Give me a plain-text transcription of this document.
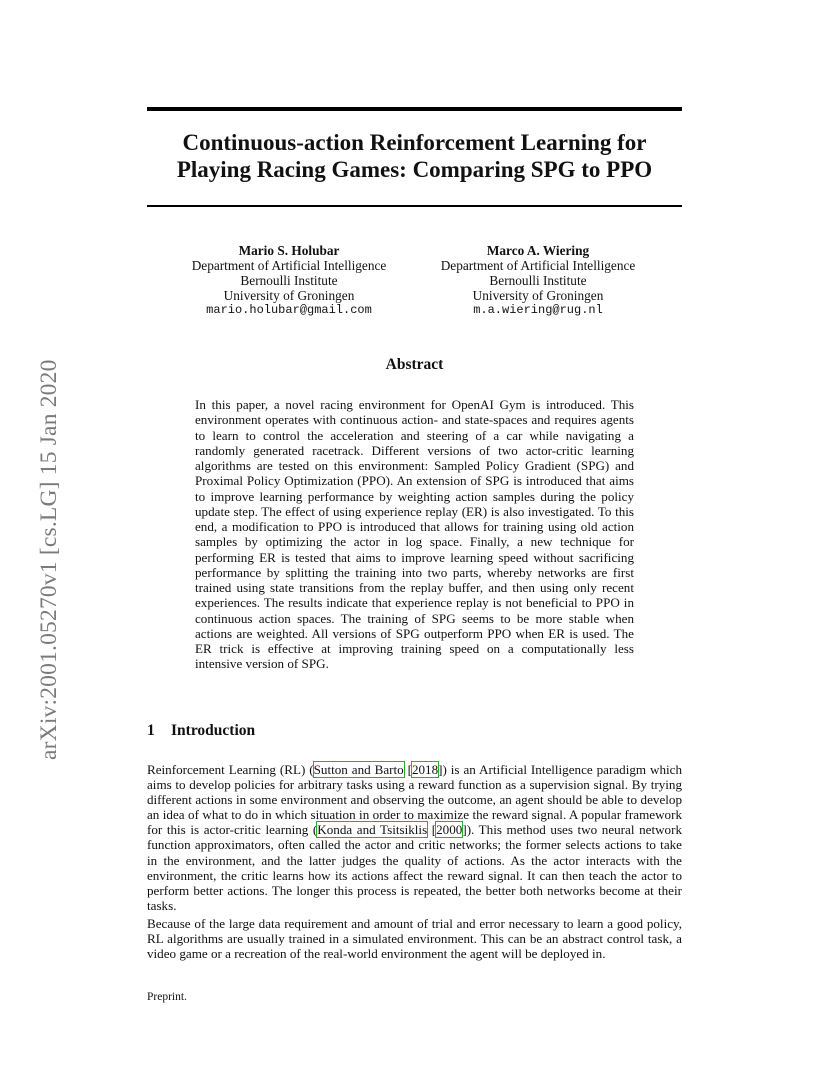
arXiv:2001.05270v1 [cs.LG] 15 Jan 2020
Continuous-action Reinforcement Learning for
Playing Racing Games: Comparing SPG to PPO
Mario S. Holubar
Department of Artificial Intelligence
Bernoulli Institute
University of Groningen
mario.holubar@gmail.com
Marco A. Wiering
Department of Artificial Intelligence
Bernoulli Institute
University of Groningen
m.a.wiering@rug.nl
Abstract
In this paper, a novel racing environment for OpenAI Gym is introduced. This environment operates with continuous action- and state-spaces and requires agents to learn to control the acceleration and steering of a car while navigating a randomly generated racetrack. Different versions of two actor-critic learning algorithms are tested on this environment: Sampled Policy Gradient (SPG) and Proximal Policy Optimization (PPO). An extension of SPG is introduced that aims to improve learning performance by weighting action samples during the policy update step. The effect of using experience replay (ER) is also investigated. To this end, a modification to PPO is introduced that allows for training using old action samples by optimizing the actor in log space. Finally, a new technique for performing ER is tested that aims to improve learning speed without sacrificing performance by splitting the training into two parts, whereby networks are first trained using state transitions from the replay buffer, and then using only recent experiences. The results indicate that experience replay is not beneficial to PPO in continuous action spaces. The training of SPG seems to be more stable when actions are weighted. All versions of SPG outperform PPO when ER is used. The ER trick is effective at improving training speed on a computationally less intensive version of SPG.
1 Introduction
Reinforcement Learning (RL) (Sutton and Barto [2018]) is an Artificial Intelligence paradigm which aims to develop policies for arbitrary tasks using a reward function as a supervision signal. By trying different actions in some environment and observing the outcome, an agent should be able to develop an idea of what to do in which situation in order to maximize the reward signal. A popular framework for this is actor-critic learning (Konda and Tsitsiklis [2000]). This method uses two neural network function approximators, often called the actor and critic networks; the former selects actions to take in the environment, and the latter judges the quality of actions. As the actor interacts with the environment, the critic learns how its actions affect the reward signal. It can then teach the actor to perform better actions. The longer this process is repeated, the better both networks become at their tasks.
Because of the large data requirement and amount of trial and error necessary to learn a good policy, RL algorithms are usually trained in a simulated environment. This can be an abstract control task, a video game or a recreation of the real-world environment the agent will be deployed in.
Preprint.
